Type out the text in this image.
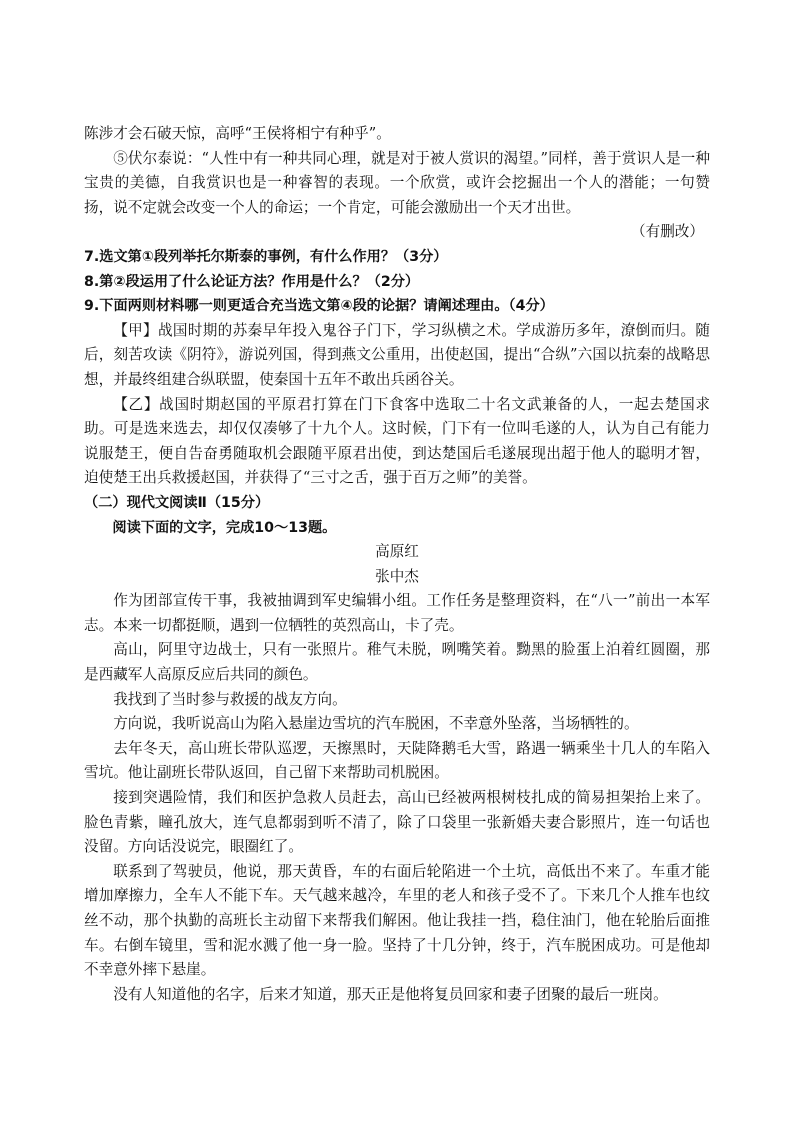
陈涉才会石破天惊，高呼“王侯将相宁有种乎”。

⑤伏尔泰说：“人性中有一种共同心理，就是对于被人赏识的渴望。”同样，善于赏识人是一种宝贵的美德，自我赏识也是一种睿智的表现。一个欣赏，或许会挖掘出一个人的潜能；一句赞扬，说不定就会改变一个人的命运；一个肯定，可能会激励出一个天才出世。

（有删改）

7.选文第①段列举托尔斯泰的事例，有什么作用？（3分）

8.第②段运用了什么论证方法？作用是什么？（2分）

9.下面两则材料哪一则更适合充当选文第④段的论据？请阐述理由。（4分）

【甲】战国时期的苏秦早年投入鬼谷子门下，学习纵横之术。学成游历多年，潦倒而归。随后，刻苦攻读《阴符》，游说列国，得到燕文公重用，出使赵国，提出“合纵”六国以抗秦的战略思想，并最终组建合纵联盟，使秦国十五年不敢出兵函谷关。

【乙】战国时期赵国的平原君打算在门下食客中选取二十名文武兼备的人，一起去楚国求助。可是选来选去，却仅仅凑够了十九个人。这时候，门下有一位叫毛遂的人，认为自己有能力说服楚王，便自告奋勇随取机会跟随平原君出使，到达楚国后毛遂展现出超于他人的聪明才智，迫使楚王出兵救援赵国，并获得了“三寸之舌，强于百万之师”的美誉。

（二）现代文阅读Ⅱ（15分）

阅读下面的文字，完成10～13题。

高原红

张中杰

作为团部宣传干事，我被抽调到军史编辑小组。工作任务是整理资料，在“八一”前出一本军志。本来一切都挺顺，遇到一位牺牲的英烈高山，卡了壳。

高山，阿里守边战士，只有一张照片。稚气未脱，咧嘴笑着。黝黑的脸蛋上泊着红圆圈，那是西藏军人高原反应后共同的颜色。

我找到了当时参与救援的战友方向。

方向说，我听说高山为陷入悬崖边雪坑的汽车脱困，不幸意外坠落，当场牺牲的。

去年冬天，高山班长带队巡逻，天擦黑时，天陡降鹅毛大雪，路遇一辆乘坐十几人的车陷入雪坑。他让副班长带队返回，自己留下来帮助司机脱困。

接到突遇险情，我们和医护急救人员赶去，高山已经被两根树枝扎成的简易担架抬上来了。脸色青紫，瞳孔放大，连气息都弱到听不清了，除了口袋里一张新婚夫妻合影照片，连一句话也没留。方向话没说完，眼圈红了。

联系到了驾驶员，他说，那天黄昏，车的右面后轮陷进一个土坑，高低出不来了。车重才能增加摩擦力，全车人不能下车。天气越来越冷，车里的老人和孩子受不了。下来几个人推车也纹丝不动，那个执勤的高班长主动留下来帮我们解困。他让我挂一挡，稳住油门，他在轮胎后面推车。右倒车镜里，雪和泥水溅了他一身一脸。坚持了十几分钟，终于，汽车脱困成功。可是他却不幸意外摔下悬崖。

没有人知道他的名字，后来才知道，那天正是他将复员回家和妻子团聚的最后一班岗。
